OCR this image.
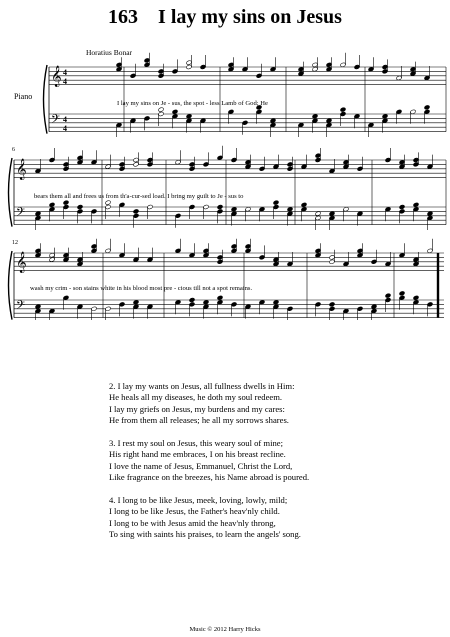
163 I lay my sins on Jesus
Horatius Bonar
Piano
6
12
𝄞
𝄢
4
4
4
4
𝄞
𝄢
𝄞
𝄢
I lay my sins on Je - sus, the spot - less Lamb of God; He
bears them all and frees us from th'a-cur-sed load. I bring my guilt to Je - sus to
wash my crim - son stains white in his blood most pre - cious till not a spot remains.
2. I lay my wants on Jesus, all fullness dwells in Him:
He heals all my diseases, he doth my soul redeem.
I lay my griefs on Jesus, my burdens and my cares:
He from them all releases; he all my sorrows shares.
3. I rest my soul on Jesus, this weary soul of mine;
His right hand me embraces, I on his breast recline.
I love the name of Jesus, Emmanuel, Christ the Lord,
Like fragrance on the breezes, his Name abroad is poured.
4. I long to be like Jesus, meek, loving, lowly, mild;
I long to be like Jesus, the Father's heav'nly child.
I long to be with Jesus amid the heav'nly throng,
To sing with saints his praises, to learn the angels' song.
Music © 2012 Harry Hicks
